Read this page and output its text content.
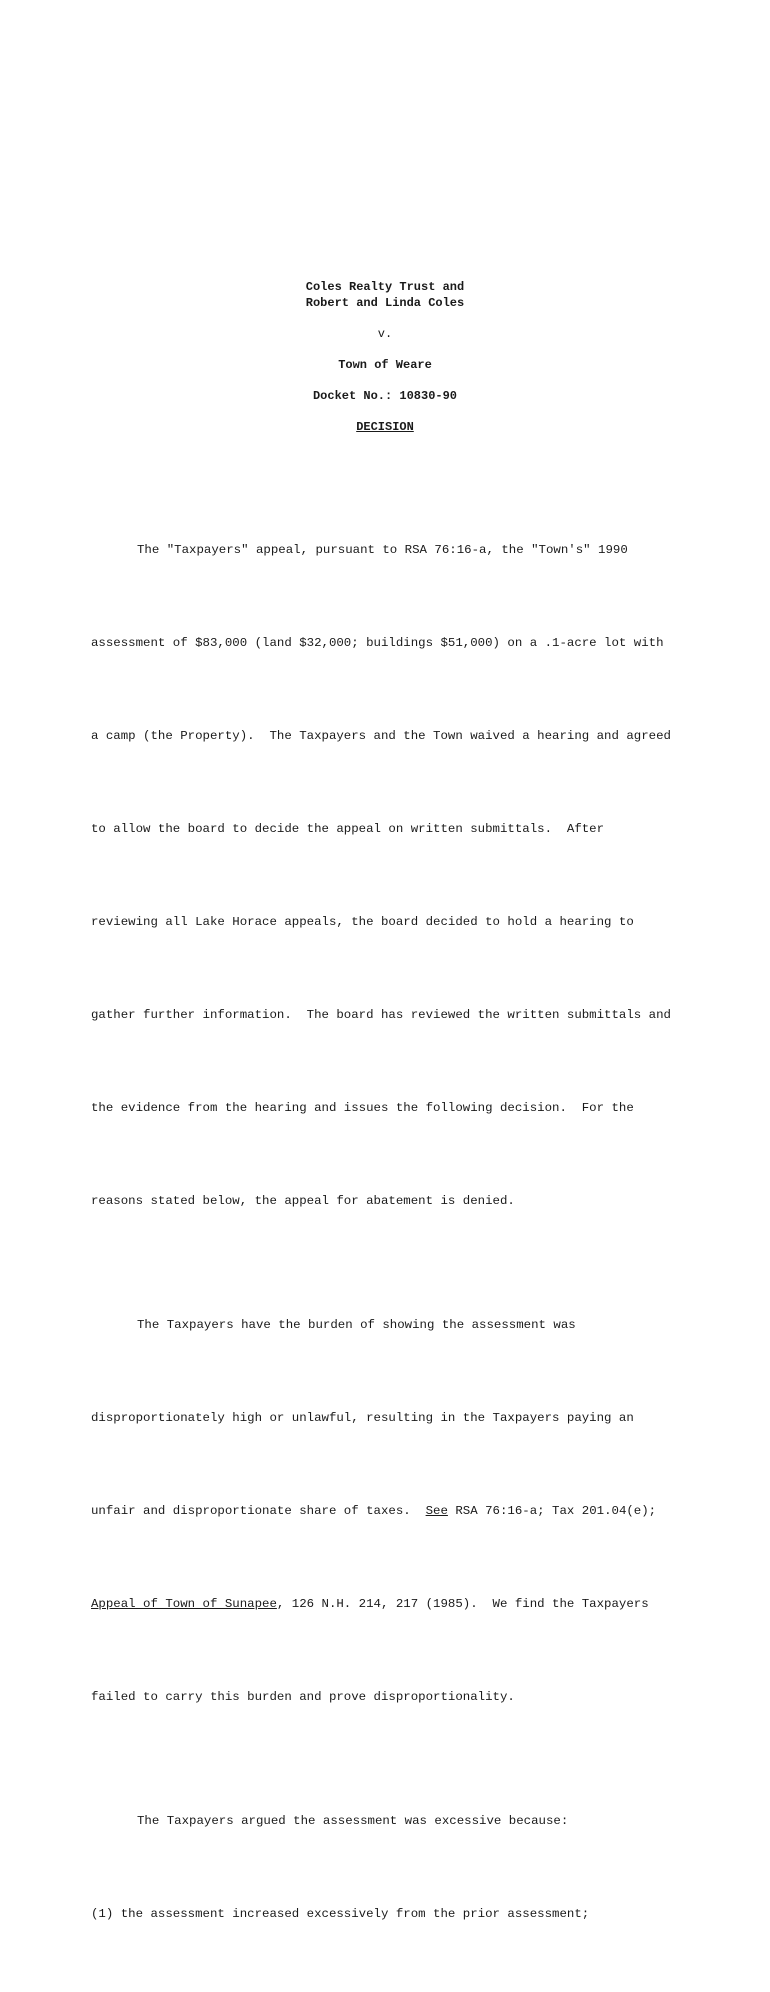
Coles Realty Trust and
Robert and Linda Coles
v.
Town of Weare
Docket No.: 10830-90
DECISION

The "Taxpayers" appeal, pursuant to RSA 76:16-a, the "Town's" 1990

assessment of $83,000 (land $32,000; buildings $51,000) on a .1-acre lot with

a camp (the Property).  The Taxpayers and the Town waived a hearing and agreed

to allow the board to decide the appeal on written submittals.  After

reviewing all Lake Horace appeals, the board decided to hold a hearing to

gather further information.  The board has reviewed the written submittals and

the evidence from the hearing and issues the following decision.  For the

reasons stated below, the appeal for abatement is denied.

The Taxpayers have the burden of showing the assessment was

disproportionately high or unlawful, resulting in the Taxpayers paying an

unfair and disproportionate share of taxes.  See RSA 76:16-a; Tax 201.04(e);

Appeal of Town of Sunapee, 126 N.H. 214, 217 (1985).  We find the Taxpayers

failed to carry this burden and prove disproportionality.

The Taxpayers argued the assessment was excessive because:

(1) the assessment increased excessively from the prior assessment;
